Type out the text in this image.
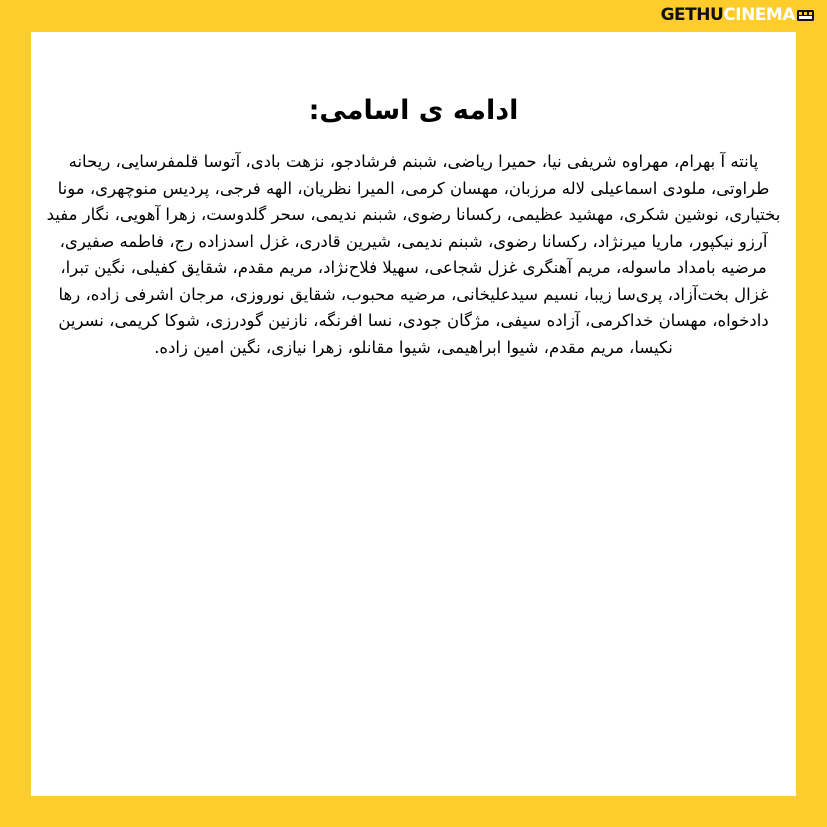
GETHU CINEMA
ادامه ی اسامی:

پانته آ بهرام، مهراوه شریفی نیا، حمیرا ریاضی، شبنم فرشادجو، نزهت بادی، آتوسا قلمفرسایی، ریحانه طراوتی، ملودی اسماعیلی لاله مرزبان، مهسان کرمی، المیرا نظریان، الهه فرجی، پردیس منوچهری، مونا بختیاری، نوشین شکری، مهشید عظیمی، رکسانا رضوی، شبنم ندیمی، سحر گلدوست، زهرا آهویی، نگار مفید آرزو نیکپور، ماریا میرنژاد، رکسانا رضوی، شبنم ندیمی، شیرین قادری، غزل اسدزاده رج، فاطمه صفیری، مرضیه بامداد ماسوله، مریم آهنگری غزل شجاعی، سهیلا فلاح‌نژاد، مریم مقدم، شقایق کفیلی، نگین تبرا، غزال بخت‌آزاد، پری‌سا زیبا، نسیم سیدعلیخانی، مرضیه محبوب، شقایق نوروزی، مرجان اشرفی زاده، رها دادخواه، مهسان خداکرمی، آزاده سیفی، مژگان جودی، نسا افرنگه، نازنین گودرزی، شوکا کریمی، نسرین نکیسا، مریم مقدم، شیوا ابراهیمی، شیوا مقانلو، زهرا نیازی، نگین امین زاده.
